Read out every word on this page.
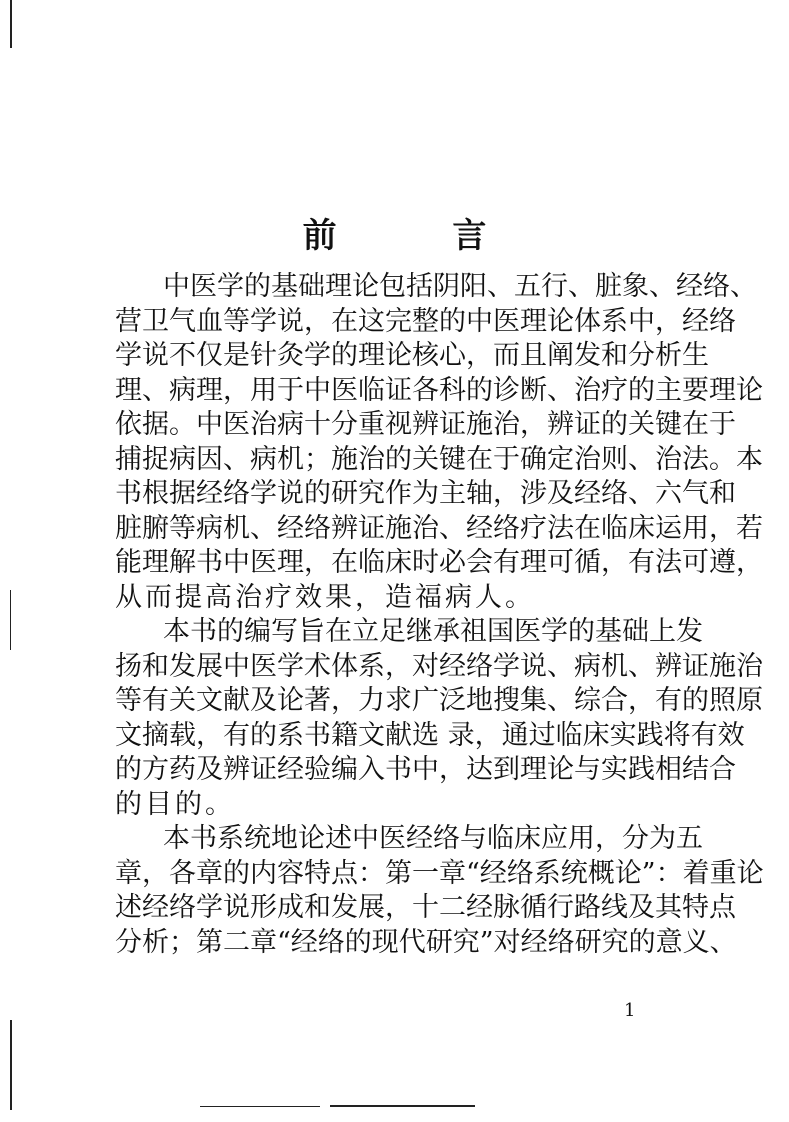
前 言
中医学的基础理论包括阴阳、五行、脏象、经络、
营卫气血等学说，在这完整的中医理论体系中，经络
学说不仅是针灸学的理论核心，而且阐发和分析生
理、病理，用于中医临证各科的诊断、治疗的主要理论
依据。中医治病十分重视辨证施治，辨证的关键在于
捕捉病因、病机；施治的关键在于确定治则、治法。本
书根据经络学说的研究作为主轴，涉及经络、六气和
脏腑等病机、经络辨证施治、经络疗法在临床运用，若
能理解书中医理，在临床时必会有理可循，有法可遵，
从而提高治疗效果，造福病人。
本书的编写旨在立足继承祖国医学的基础上发
扬和发展中医学术体系，对经络学说、病机、辨证施治
等有关文献及论著，力求广泛地搜集、综合，有的照原
文摘载，有的系书籍文献选 录，通过临床实践将有效
的方药及辨证经验编入书中，达到理论与实践相结合
的目的。
本书系统地论述中医经络与临床应用，分为五
章，各章的内容特点：第一章“经络系统概论”：着重论
述经络学说形成和发展，十二经脉循行路线及其特点
分析；第二章“经络的现代研究”对经络研究的意义、
1
